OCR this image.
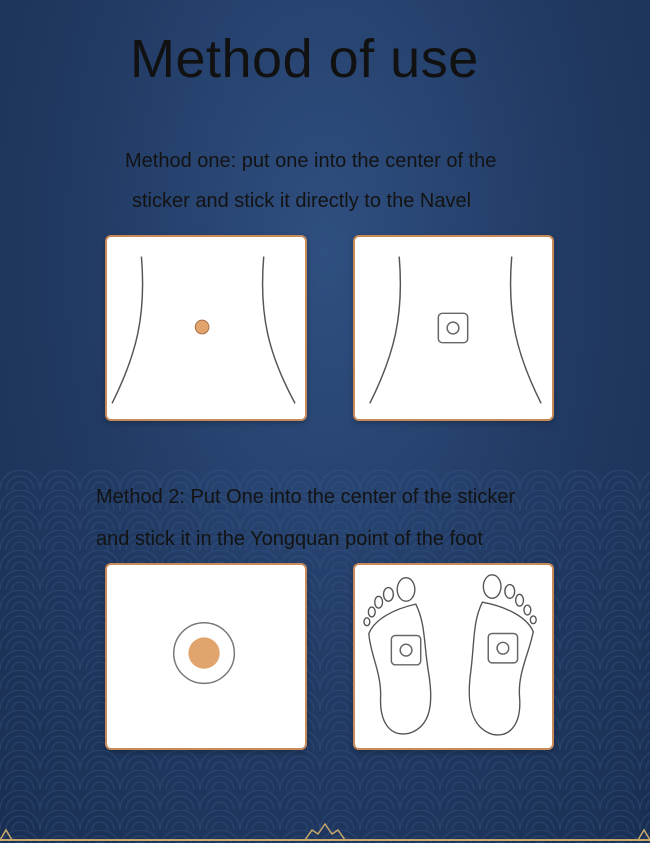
Method of use
Method one: put one into the center of the
sticker and stick it directly to the Navel
Method 2: Put One into the center of the sticker
and stick it in the Yongquan point of the foot
